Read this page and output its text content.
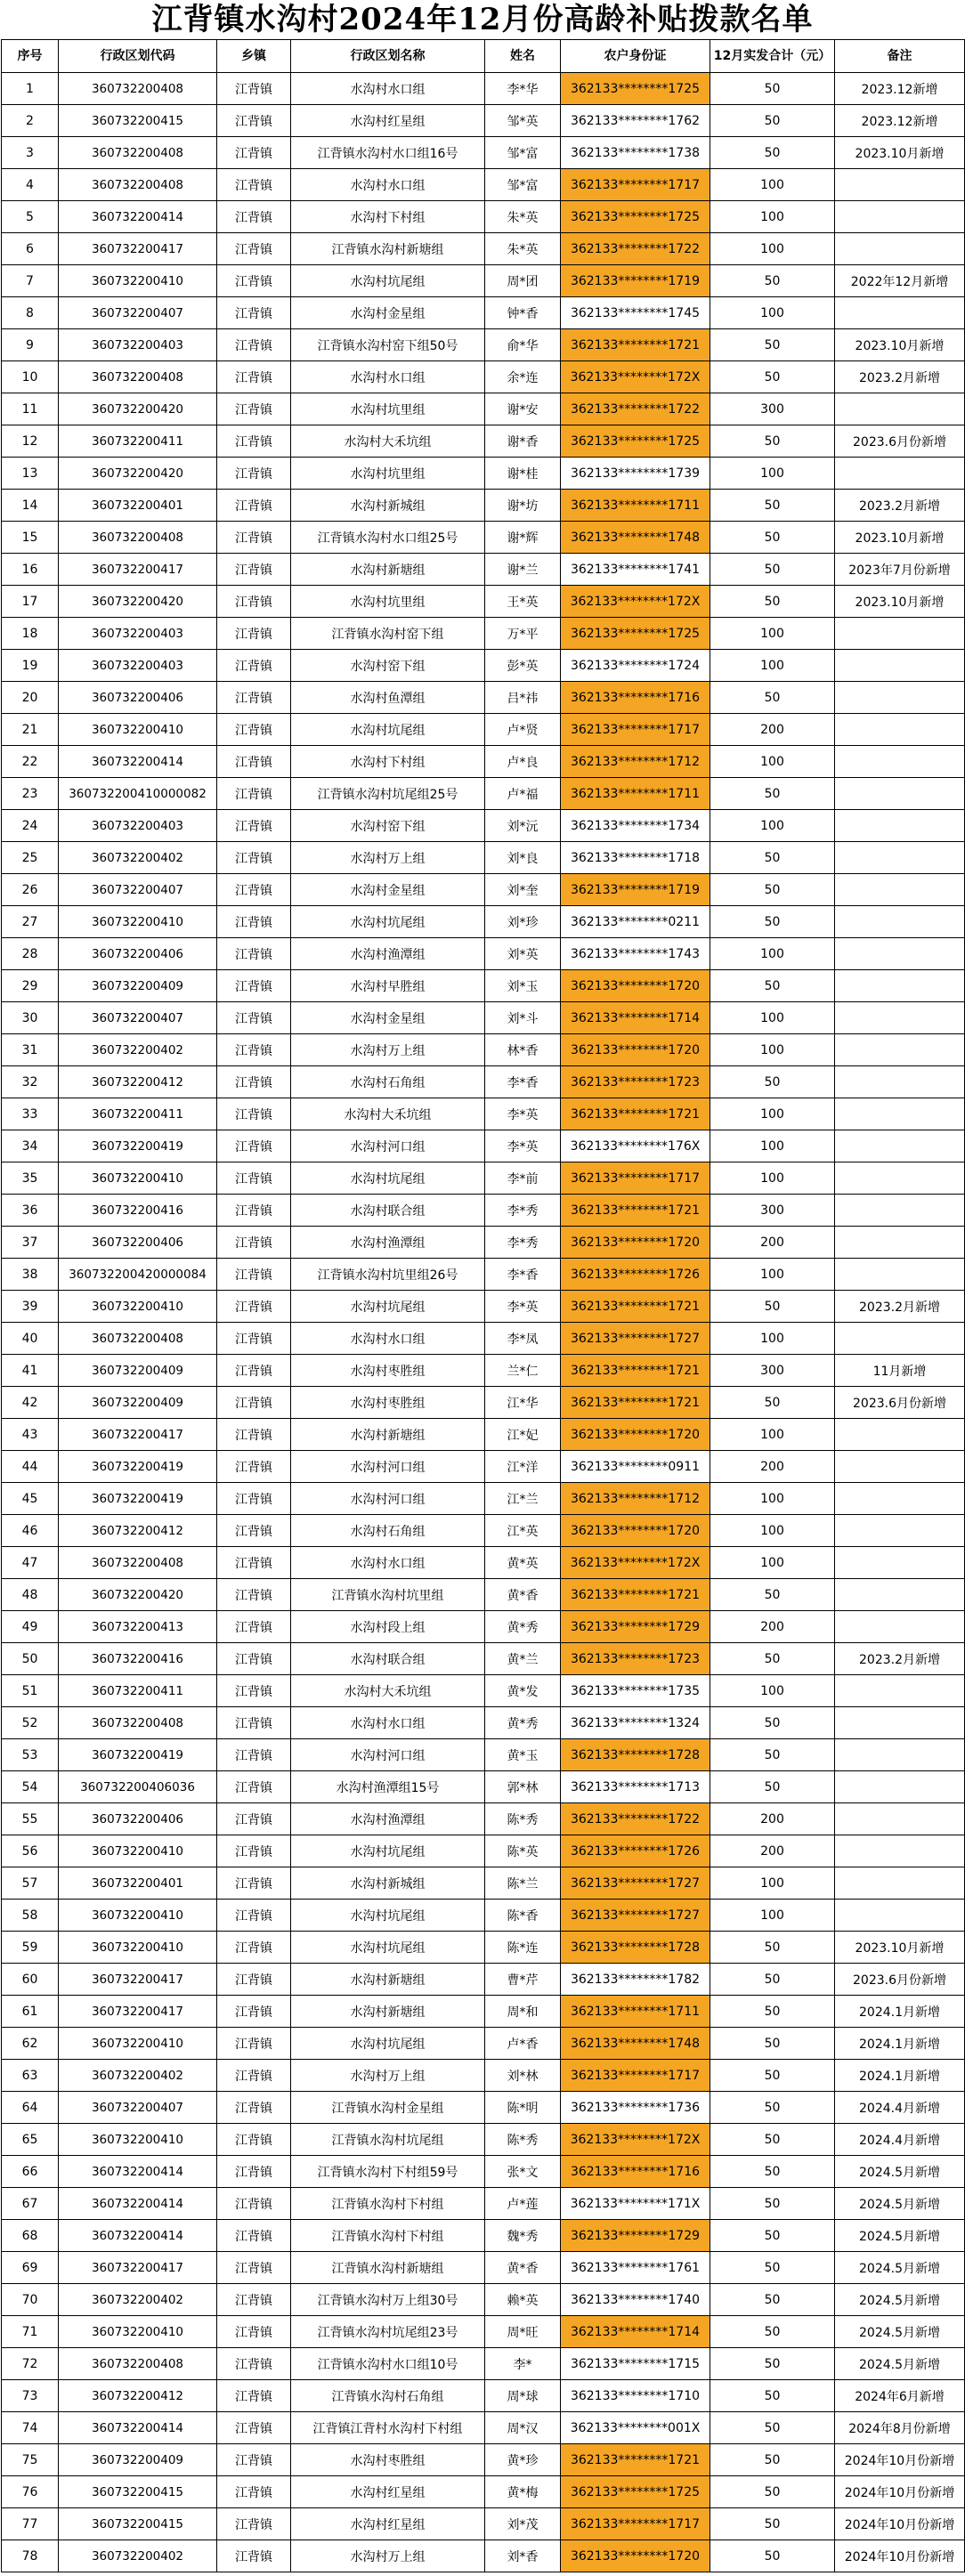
江背镇水沟村2024年12月份高龄补贴拨款名单
序号	行政区划代码	乡镇	行政区划名称	姓名	农户身份证	12月实发合计（元）	备注
1	360732200408	江背镇	水沟村水口组	李*华	362133********1725	50	2023.12新增
2	360732200415	江背镇	水沟村红星组	邹*英	362133********1762	50	2023.12新增
3	360732200408	江背镇	江背镇水沟村水口组16号	邹*富	362133********1738	50	2023.10月新增
4	360732200408	江背镇	水沟村水口组	邹*富	362133********1717	100	
5	360732200414	江背镇	水沟村下村组	朱*英	362133********1725	100	
6	360732200417	江背镇	江背镇水沟村新塘组	朱*英	362133********1722	100	
7	360732200410	江背镇	水沟村坑尾组	周*团	362133********1719	50	2022年12月新增
8	360732200407	江背镇	水沟村金星组	钟*香	362133********1745	100	
9	360732200403	江背镇	江背镇水沟村窑下组50号	俞*华	362133********1721	50	2023.10月新增
10	360732200408	江背镇	水沟村水口组	余*连	362133********172X	50	2023.2月新增
11	360732200420	江背镇	水沟村坑里组	谢*安	362133********1722	300	
12	360732200411	江背镇	水沟村大禾坑组	谢*香	362133********1725	50	2023.6月份新增
13	360732200420	江背镇	水沟村坑里组	谢*桂	362133********1739	100	
14	360732200401	江背镇	水沟村新城组	谢*坊	362133********1711	50	2023.2月新增
15	360732200408	江背镇	江背镇水沟村水口组25号	谢*辉	362133********1748	50	2023.10月新增
16	360732200417	江背镇	水沟村新塘组	谢*兰	362133********1741	50	2023年7月份新增
17	360732200420	江背镇	水沟村坑里组	王*英	362133********172X	50	2023.10月新增
18	360732200403	江背镇	江背镇水沟村窑下组	万*平	362133********1725	100	
19	360732200403	江背镇	水沟村窑下组	彭*英	362133********1724	100	
20	360732200406	江背镇	水沟村鱼潭组	吕*祎	362133********1716	50	
21	360732200410	江背镇	水沟村坑尾组	卢*贤	362133********1717	200	
22	360732200414	江背镇	水沟村下村组	卢*良	362133********1712	100	
23	360732200410000082	江背镇	江背镇水沟村坑尾组25号	卢*福	362133********1711	50	
24	360732200403	江背镇	水沟村窑下组	刘*沅	362133********1734	100	
25	360732200402	江背镇	水沟村万上组	刘*良	362133********1718	50	
26	360732200407	江背镇	水沟村金星组	刘*奎	362133********1719	50	
27	360732200410	江背镇	水沟村坑尾组	刘*珍	362133********0211	50	
28	360732200406	江背镇	水沟村渔潭组	刘*英	362133********1743	100	
29	360732200409	江背镇	水沟村早胜组	刘*玉	362133********1720	50	
30	360732200407	江背镇	水沟村金星组	刘*斗	362133********1714	100	
31	360732200402	江背镇	水沟村万上组	林*香	362133********1720	100	
32	360732200412	江背镇	水沟村石角组	李*香	362133********1723	50	
33	360732200411	江背镇	水沟村大禾坑组	李*英	362133********1721	100	
34	360732200419	江背镇	水沟村河口组	李*英	362133********176X	100	
35	360732200410	江背镇	水沟村坑尾组	李*前	362133********1717	100	
36	360732200416	江背镇	水沟村联合组	李*秀	362133********1721	300	
37	360732200406	江背镇	水沟村渔潭组	李*秀	362133********1720	200	
38	360732200420000084	江背镇	江背镇水沟村坑里组26号	李*香	362133********1726	100	
39	360732200410	江背镇	水沟村坑尾组	李*英	362133********1721	50	2023.2月新增
40	360732200408	江背镇	水沟村水口组	李*凤	362133********1727	100	
41	360732200409	江背镇	水沟村枣胜组	兰*仁	362133********1721	300	11月新增
42	360732200409	江背镇	水沟村枣胜组	江*华	362133********1721	50	2023.6月份新增
43	360732200417	江背镇	水沟村新塘组	江*妃	362133********1720	100	
44	360732200419	江背镇	水沟村河口组	江*洋	362133********0911	200	
45	360732200419	江背镇	水沟村河口组	江*兰	362133********1712	100	
46	360732200412	江背镇	水沟村石角组	江*英	362133********1720	100	
47	360732200408	江背镇	水沟村水口组	黄*英	362133********172X	100	
48	360732200420	江背镇	江背镇水沟村坑里组	黄*香	362133********1721	50	
49	360732200413	江背镇	水沟村段上组	黄*秀	362133********1729	200	
50	360732200416	江背镇	水沟村联合组	黄*兰	362133********1723	50	2023.2月新增
51	360732200411	江背镇	水沟村大禾坑组	黄*发	362133********1735	100	
52	360732200408	江背镇	水沟村水口组	黄*秀	362133********1324	50	
53	360732200419	江背镇	水沟村河口组	黄*玉	362133********1728	50	
54	360732200406036	江背镇	水沟村渔潭组15号	郭*林	362133********1713	50	
55	360732200406	江背镇	水沟村渔潭组	陈*秀	362133********1722	200	
56	360732200410	江背镇	水沟村坑尾组	陈*英	362133********1726	200	
57	360732200401	江背镇	水沟村新城组	陈*兰	362133********1727	100	
58	360732200410	江背镇	水沟村坑尾组	陈*香	362133********1727	100	
59	360732200410	江背镇	水沟村坑尾组	陈*连	362133********1728	50	2023.10月新增
60	360732200417	江背镇	水沟村新塘组	曹*芹	362133********1782	50	2023.6月份新增
61	360732200417	江背镇	水沟村新塘组	周*和	362133********1711	50	2024.1月新增
62	360732200410	江背镇	水沟村坑尾组	卢*香	362133********1748	50	2024.1月新增
63	360732200402	江背镇	水沟村万上组	刘*林	362133********1717	50	2024.1月新增
64	360732200407	江背镇	江背镇水沟村金星组	陈*明	362133********1736	50	2024.4月新增
65	360732200410	江背镇	江背镇水沟村坑尾组	陈*秀	362133********172X	50	2024.4月新增
66	360732200414	江背镇	江背镇水沟村下村组59号	张*文	362133********1716	50	2024.5月新增
67	360732200414	江背镇	江背镇水沟村下村组	卢*莲	362133********171X	50	2024.5月新增
68	360732200414	江背镇	江背镇水沟村下村组	魏*秀	362133********1729	50	2024.5月新增
69	360732200417	江背镇	江背镇水沟村新塘组	黄*香	362133********1761	50	2024.5月新增
70	360732200402	江背镇	江背镇水沟村万上组30号	赖*英	362133********1740	50	2024.5月新增
71	360732200410	江背镇	江背镇水沟村坑尾组23号	周*旺	362133********1714	50	2024.5月新增
72	360732200408	江背镇	江背镇水沟村水口组10号	李*	362133********1715	50	2024.5月新增
73	360732200412	江背镇	江背镇水沟村石角组	周*球	362133********1710	50	2024年6月新增
74	360732200414	江背镇	江背镇江背村水沟村下村组	周*汉	362133********001X	50	2024年8月份新增
75	360732200409	江背镇	水沟村枣胜组	黄*珍	362133********1721	50	2024年10月份新增
76	360732200415	江背镇	水沟村红星组	黄*梅	362133********1725	50	2024年10月份新增
77	360732200415	江背镇	水沟村红星组	刘*茂	362133********1717	50	2024年10月份新增
78	360732200402	江背镇	水沟村万上组	刘*香	362133********1720	50	2024年10月份新增
